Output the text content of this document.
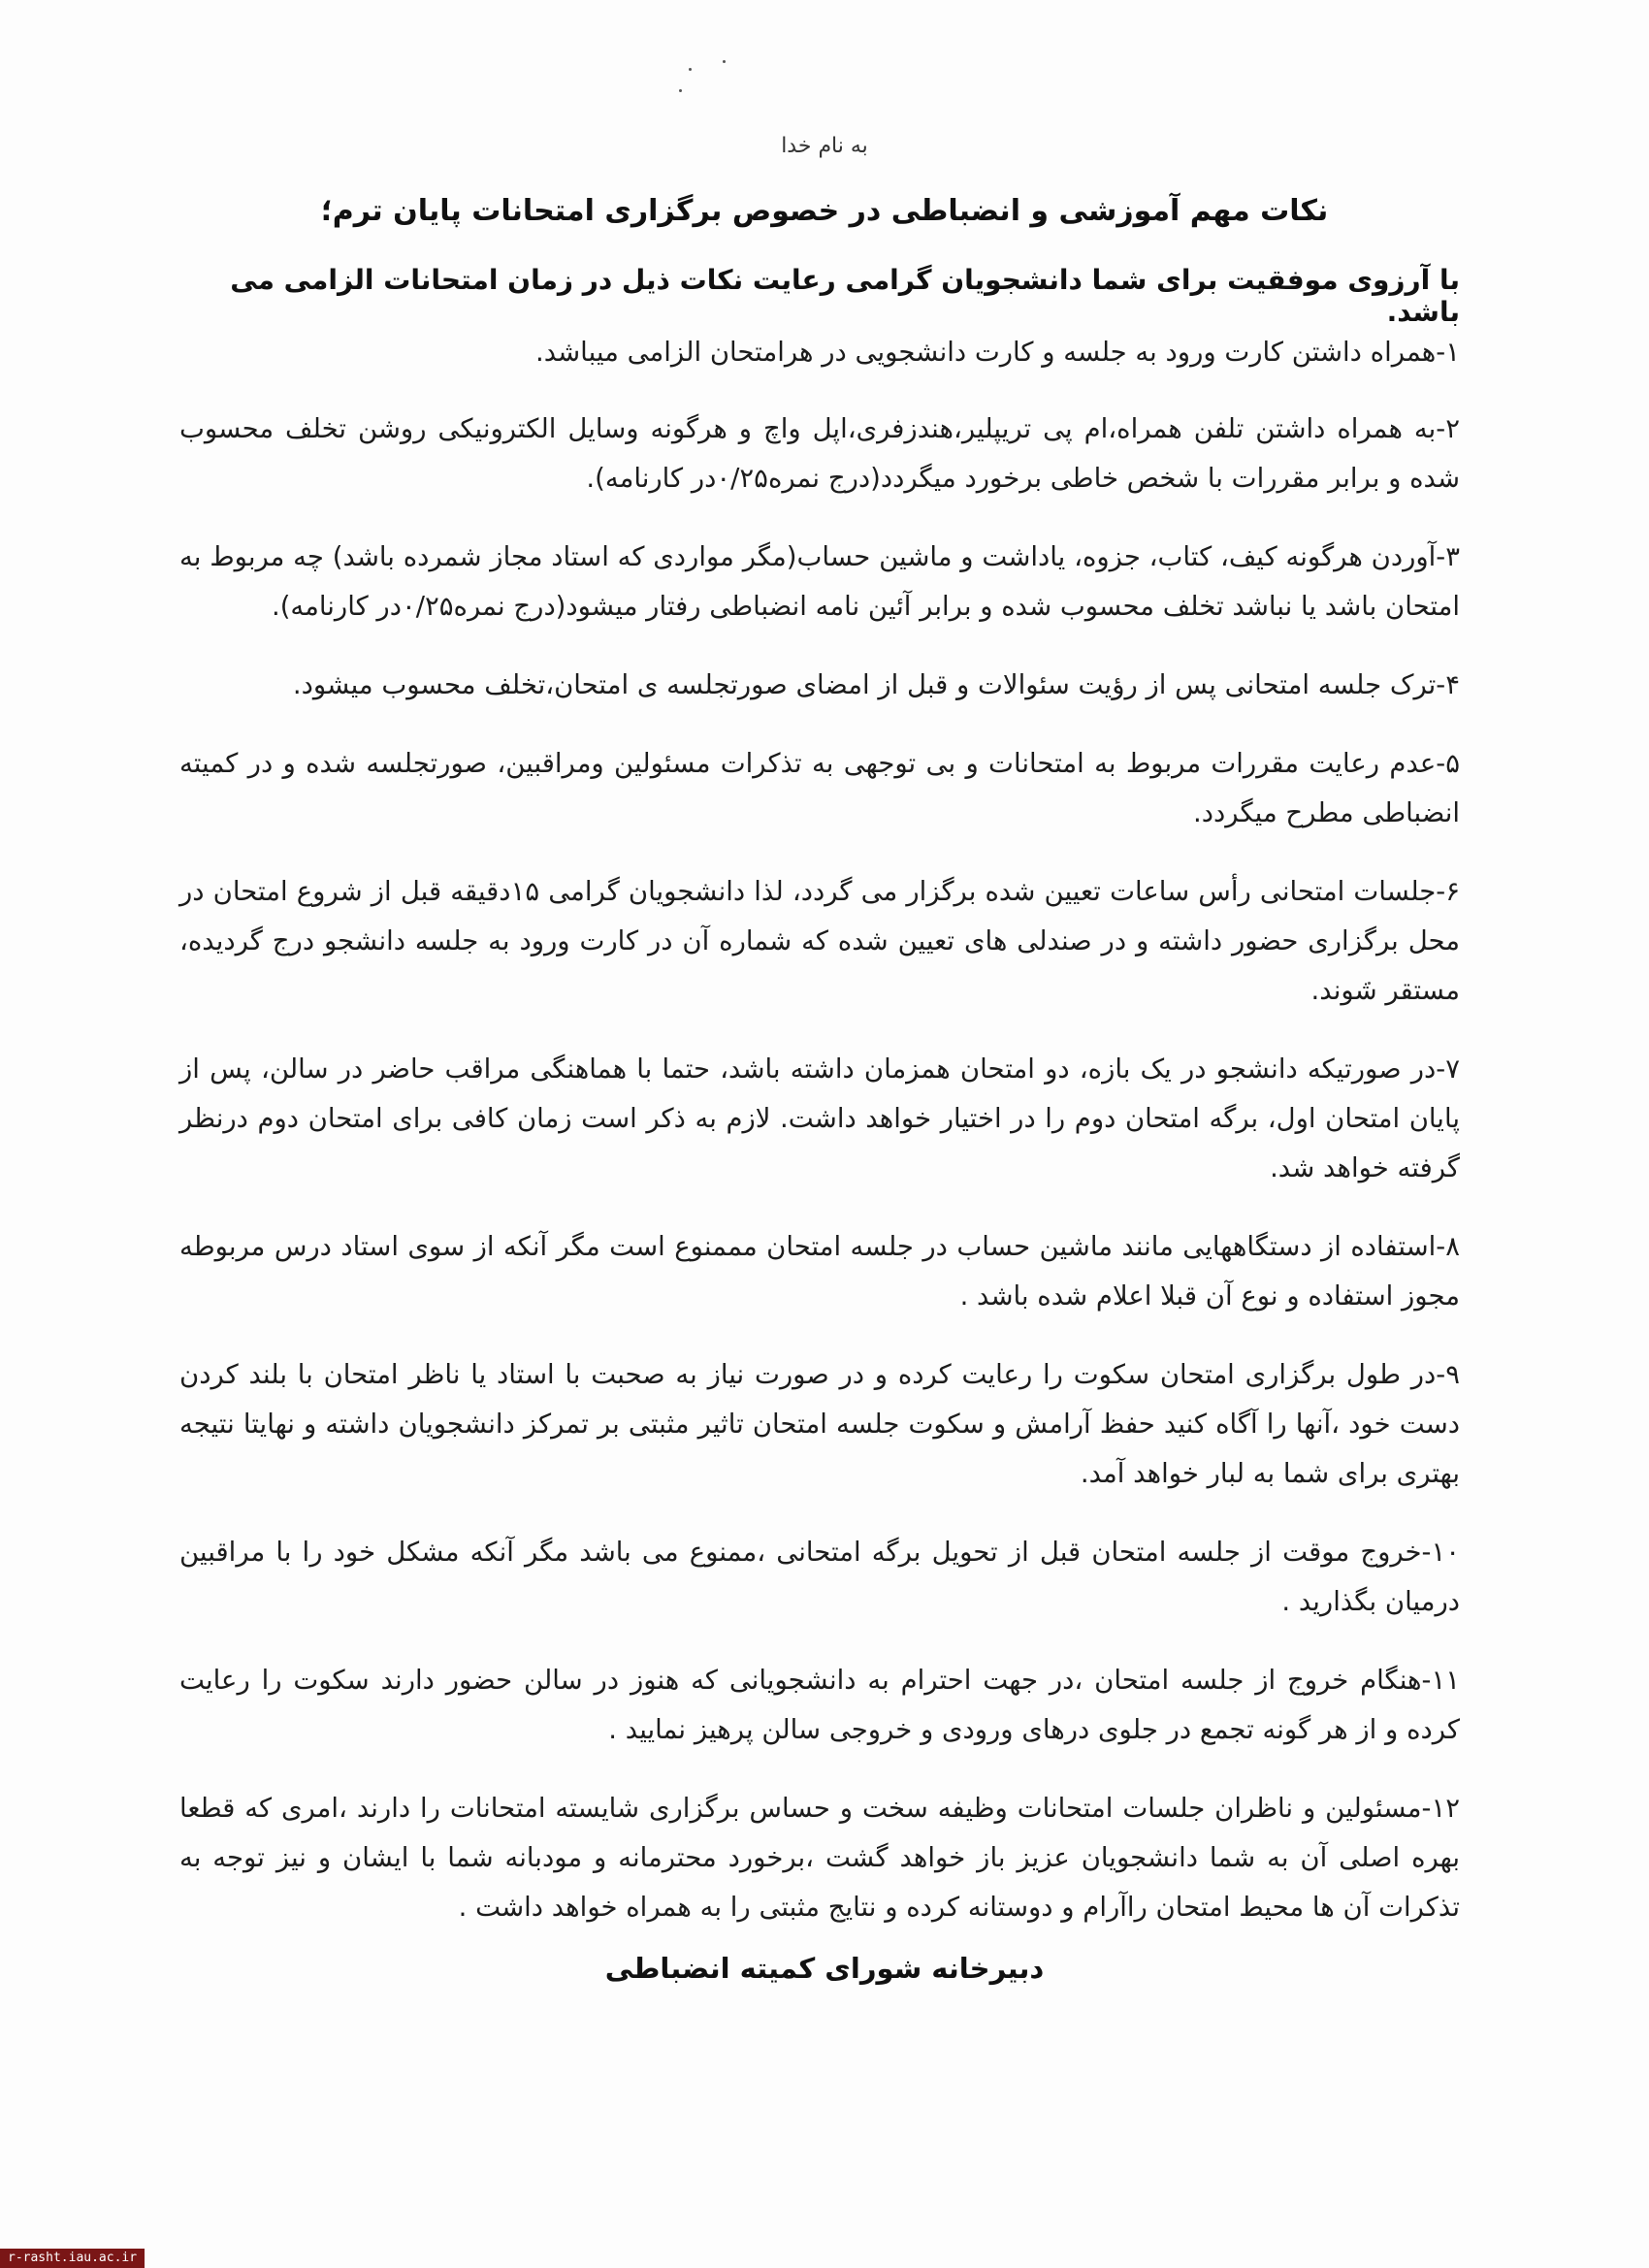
به نام خدا
نکات مهم آموزشی و انضباطی در خصوص برگزاری امتحانات پایان ترم؛
با آرزوی موفقیت برای شما دانشجویان گرامی رعایت نکات ذیل در زمان امتحانات الزامی می باشد.

۱-همراه داشتن کارت ورود به جلسه و کارت دانشجویی در هرامتحان الزامی میباشد.

۲-به همراه داشتن تلفن همراه،ام پی تریپلیر،هندزفری،اپل واچ و هرگونه وسایل الکترونیکی روشن تخلف محسوب شده و برابر مقررات با شخص خاطی برخورد میگردد(درج نمره۰/۲۵در کارنامه).

۳-آوردن هرگونه کیف، کتاب، جزوه، یاداشت و ماشین حساب(مگر مواردی که استاد مجاز شمرده باشد) چه مربوط به امتحان باشد یا نباشد تخلف محسوب شده و برابر آئین نامه انضباطی رفتار میشود(درج نمره۰/۲۵در کارنامه).

۴-ترک جلسه امتحانی پس از رؤیت سئوالات و قبل از امضای صورتجلسه ی امتحان،تخلف محسوب میشود.

۵-عدم رعایت مقررات مربوط به امتحانات و بی توجهی به تذکرات مسئولین ومراقبین، صورتجلسه شده و در کمیته انضباطی مطرح میگردد.

۶-جلسات امتحانی رأس ساعات تعیین شده برگزار می گردد، لذا دانشجویان گرامی ۱۵دقیقه قبل از شروع امتحان در محل برگزاری حضور داشته و در صندلی های تعیین شده که شماره آن در کارت ورود به جلسه دانشجو درج گردیده، مستقر شوند.

۷-در صورتیکه دانشجو در یک بازه، دو امتحان همزمان داشته باشد، حتما با هماهنگی مراقب حاضر در سالن، پس از پایان امتحان اول، برگه امتحان دوم را در اختیار خواهد داشت. لازم به ذکر است زمان کافی برای امتحان دوم درنظر گرفته خواهد شد.

۸-استفاده از دستگاههایی مانند ماشین حساب در جلسه امتحان مممنوع است مگر آنکه از سوی استاد درس مربوطه مجوز استفاده و نوع آن قبلا اعلام شده باشد .

۹-در طول برگزاری امتحان سکوت را رعایت کرده و در صورت نیاز به صحبت با استاد یا ناظر امتحان با بلند کردن دست خود ،آنها را آگاه کنید حفظ آرامش و سکوت جلسه امتحان تاثیر مثبتی بر تمرکز دانشجویان داشته و نهایتا نتیجه بهتری برای شما به لبار خواهد آمد.

۱۰-خروج موقت از جلسه امتحان قبل از تحویل برگه امتحانی ،ممنوع می باشد مگر آنکه مشکل خود را با مراقبین درمیان بگذارید .

۱۱-هنگام خروج از جلسه امتحان ،در جهت احترام به دانشجویانی که هنوز در سالن حضور دارند سکوت را رعایت کرده و از هر گونه تجمع در جلوی درهای ورودی و خروجی سالن پرهیز نمایید .

۱۲-مسئولین و ناظران جلسات امتحانات وظیفه سخت و حساس برگزاری شایسته امتحانات را دارند ،امری که قطعا بهره اصلی آن به شما دانشجویان عزیز باز خواهد گشت ،برخورد محترمانه و مودبانه شما با ایشان و نیز توجه به تذکرات آن ها محیط امتحان راآرام و دوستانه کرده و نتایج مثبتی را به همراه خواهد داشت .

دبیرخانه شورای کمیته انضباطی
r-rasht.iau.ac.ir
